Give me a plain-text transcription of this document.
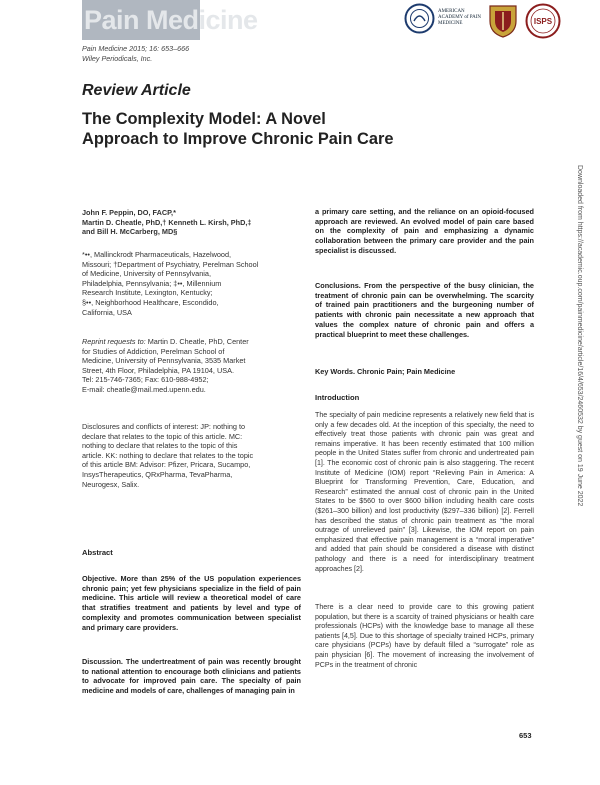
Pain Medicine	AMERICAN ACADEMY of PAIN MEDICINE	ISPS
Pain Medicine 2015; 16: 653–666
Wiley Periodicals, Inc.
Review Article
The Complexity Model: A Novel
Approach to Improve Chronic Pain Care
John F. Peppin, DO, FACP,*
Martin D. Cheatle, PhD,† Kenneth L. Kirsh, PhD,‡
and Bill H. McCarberg, MD§
*••, Mallinckrodt Pharmaceuticals, Hazelwood,
Missouri; †Department of Psychiatry, Perelman School
of Medicine, University of Pennsylvania,
Philadelphia, Pennsylvania; ‡••, Millennium
Research Institute, Lexington, Kentucky;
§••, Neighborhood Healthcare, Escondido,
California, USA
Reprint requests to: Martin D. Cheatle, PhD, Center
for Studies of Addiction, Perelman School of
Medicine, University of Pennsylvania, 3535 Market
Street, 4th Floor, Philadelphia, PA 19104, USA.
Tel: 215-746-7365; Fax: 610-988-4952;
E-mail: cheatle@mail.med.upenn.edu.
Disclosures and conflicts of interest: JP: nothing to
declare that relates to the topic of this article. MC:
nothing to declare that relates to the topic of this
article. KK: nothing to declare that relates to the topic
of this article BM: Advisor: Pfizer, Pricara, Sucampo,
InsysTherapeutics, QRxPharma, TevaPharma,
Neurogesx, Salix.
Abstract
Objective. More than 25% of the US population experiences chronic pain; yet few physicians specialize in the field of pain medicine. This article will review a theoretical model of care that stratifies treatment and patients by level and type of complexity and promotes communication between specialist and primary care providers.
Discussion. The undertreatment of pain was recently brought to national attention to encourage both clinicians and patients to advocate for improved pain care. The specialty of pain medicine and models of care, challenges of managing pain in
a primary care setting, and the reliance on an opioid-focused approach are reviewed. An evolved model of pain care based on the complexity of pain and emphasizing a dynamic collaboration between the primary care provider and the pain specialist is discussed.
Conclusions. From the perspective of the busy clinician, the treatment of chronic pain can be overwhelming. The scarcity of trained pain practitioners and the burgeoning number of patients with chronic pain necessitate a new approach that values the complex nature of chronic pain and offers a practical blueprint to meet these challenges.
Key Words. Chronic Pain; Pain Medicine
Introduction
The specialty of pain medicine represents a relatively new field that is only a few decades old. At the inception of this specialty, the need to effectively treat those patients with chronic pain was great and remains imperative. It has been recently estimated that 100 million people in the United States suffer from chronic and undertreated pain [1]. The economic cost of chronic pain is also staggering. The recent Institute of Medicine (IOM) report “Relieving Pain in America: A Blueprint for Transforming Prevention, Care, Education, and Research” estimated the annual cost of chronic pain in the United States to be $560 to over $600 billion including health care costs ($261–300 billion) and lost productivity ($297–336 billion) [2]. Ferrell has described the status of chronic pain treatment as “the moral outrage of unrelieved pain” [3]. Likewise, the IOM report on pain emphasized that effective pain management is a “moral imperative” and added that pain should be considered a disease with distinct pathology and there is a need for interdisciplinary treatment approaches [2].
There is a clear need to provide care to this growing patient population, but there is a scarcity of trained physicians or health care professionals (HCPs) with the knowledge base to manage all these patients [4,5]. Due to this shortage of specialty trained HCPs, primary care physicians (PCPs) have by default filled a “surrogate” role as pain physician [6]. The movement of increasing the involvement of PCPs in the treatment of chronic
Downloaded from https://academic.oup.com/painmedicine/article/16/4/653/2460532 by guest on 19 June 2022
653
